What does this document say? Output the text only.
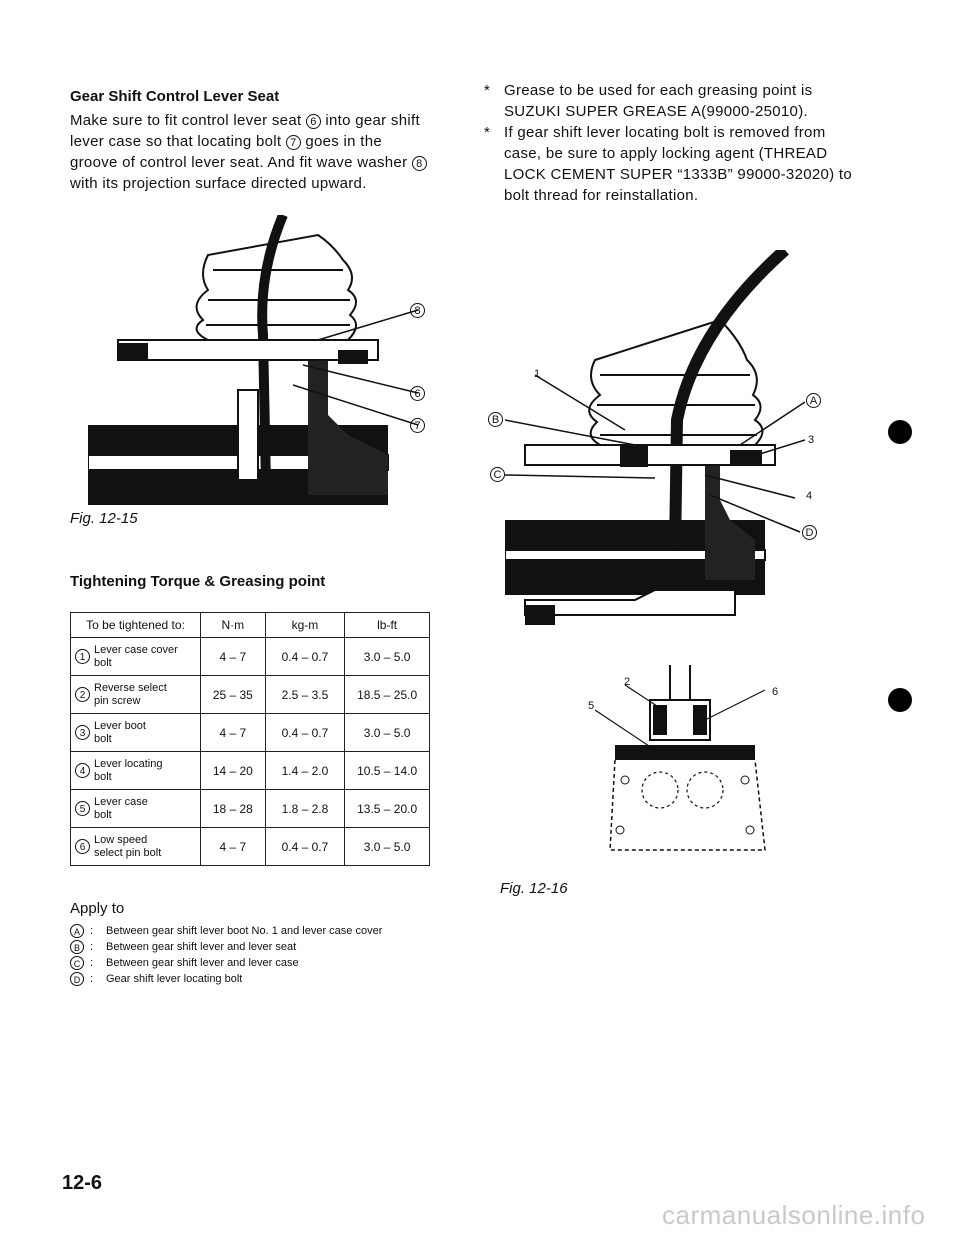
Gear Shift Control Lever Seat
Make sure to fit control lever seat 6 into gear shift lever case so that locating bolt 7 goes in the groove of control lever seat. And fit wave washer 8 with its projection surface directed upward.
8
6
7
Fig. 12-15
Tightening Torque & Greasing point
To be tightened to:	N·m	kg-m	lb-ft
1Lever case cover
bolt	4 – 7	0.4 – 0.7	3.0 – 5.0
2Reverse select
pin screw	25 – 35	2.5 – 3.5	18.5 – 25.0
3Lever boot
bolt	4 – 7	0.4 – 0.7	3.0 – 5.0
4Lever locating
bolt	14 – 20	1.4 – 2.0	10.5 – 14.0
5Lever case
bolt	18 – 28	1.8 – 2.8	13.5 – 20.0
6Low speed
select pin bolt	4 – 7	0.4 – 0.7	3.0 – 5.0
Apply to
A : Between gear shift lever boot No. 1 and lever case cover
B : Between gear shift lever and lever seat
C : Between gear shift lever and lever case
D : Gear shift lever locating bolt
* Grease to be used for each greasing point is SUZUKI SUPER GREASE A(99000-25010).
* If gear shift lever locating bolt is removed from case, be sure to apply locking agent (THREAD LOCK CEMENT SUPER “1333B” 99000-32020) to bolt thread for reinstallation.
1
A
B
3
C
4
D
2
5
6
Fig. 12-16
12-6
carmanualsonline.info
